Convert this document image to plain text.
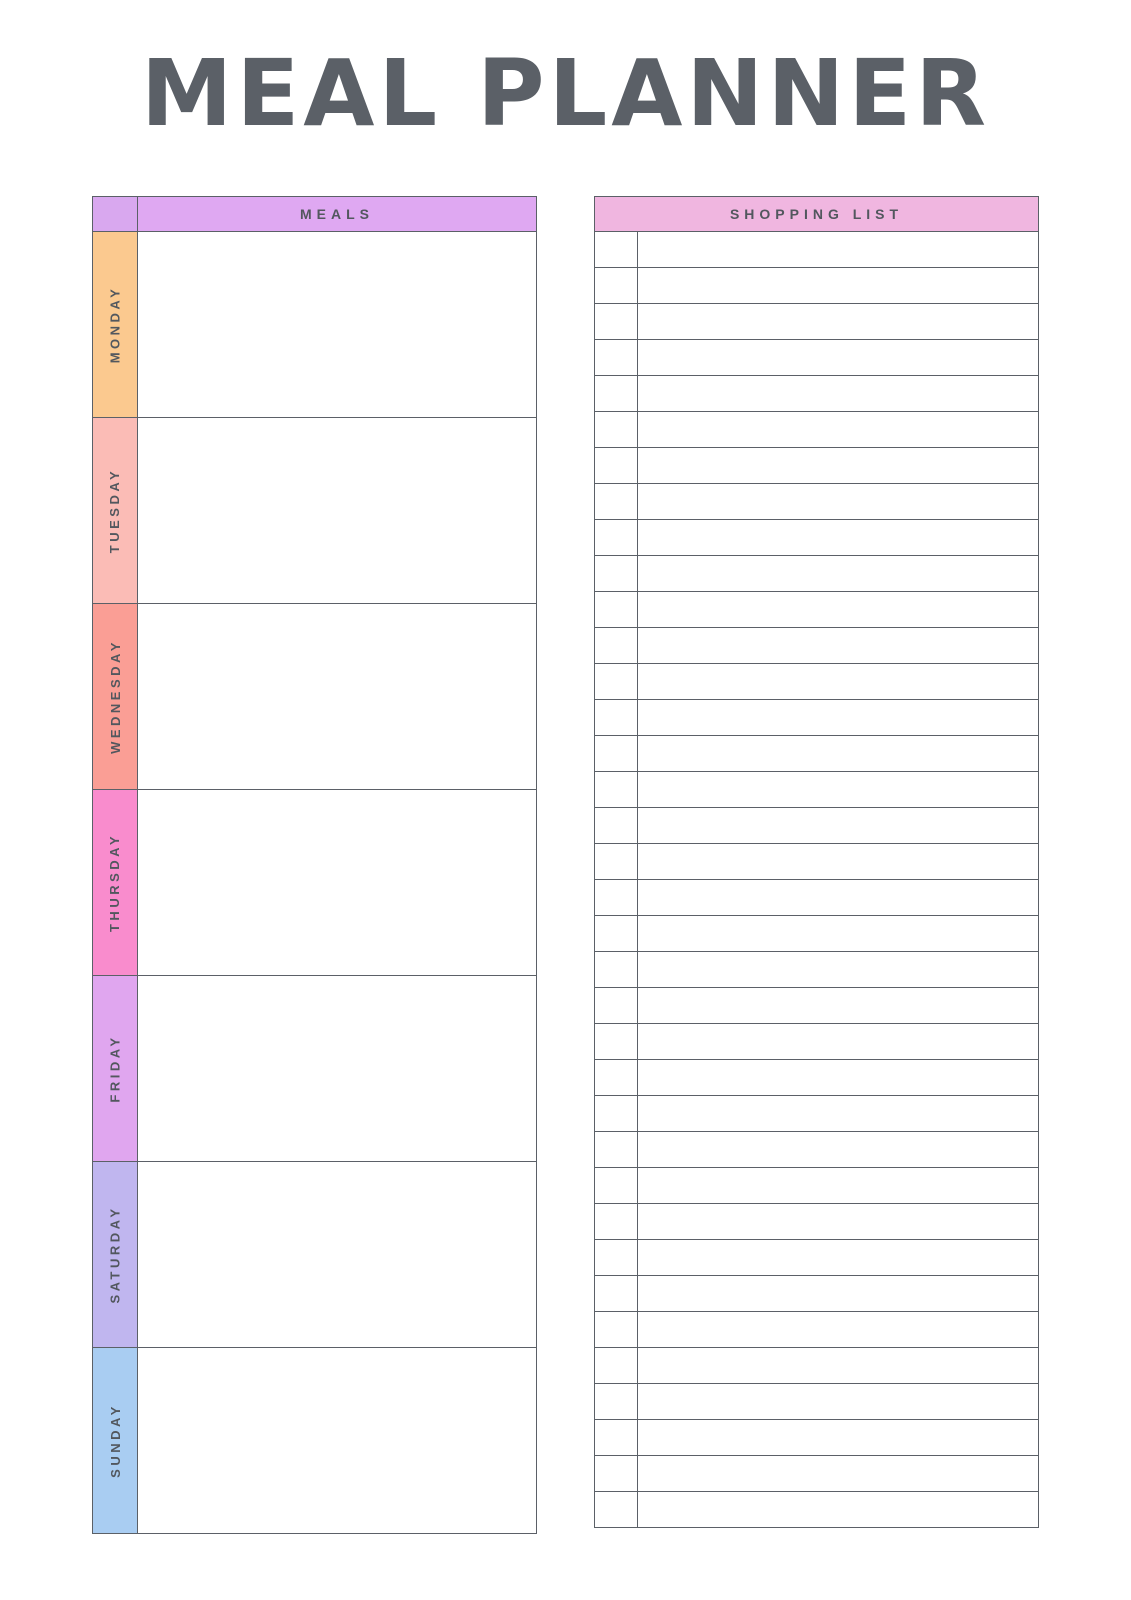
MEAL PLANNER
MEALS
MONDAY
TUESDAY
WEDNESDAY
THURSDAY
FRIDAY
SATURDAY
SUNDAY
SHOPPING LIST
